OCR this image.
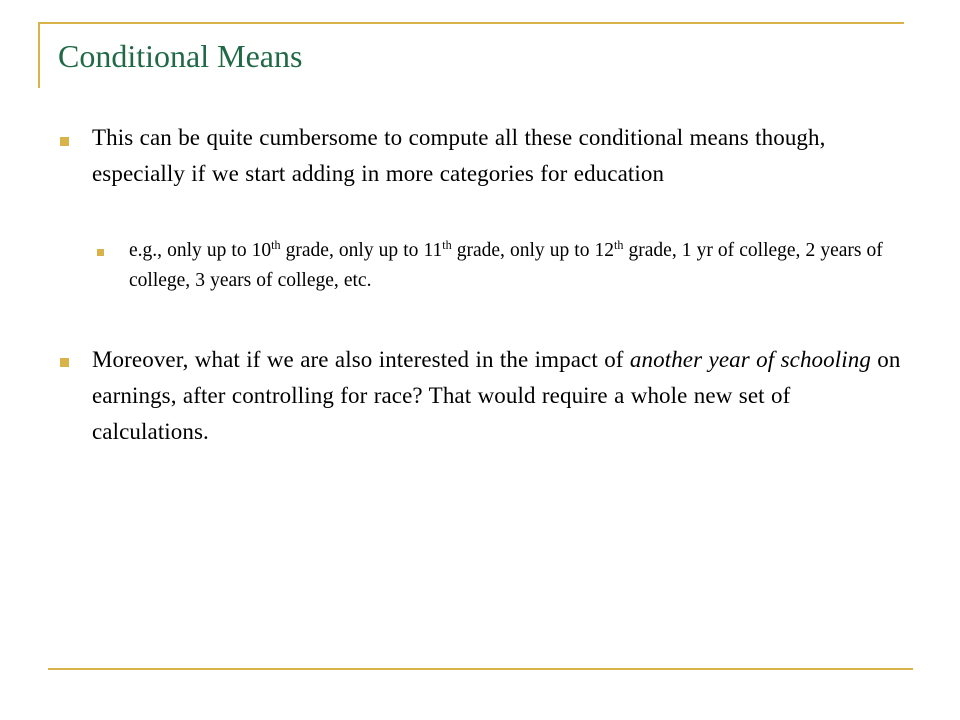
Conditional Means
This can be quite cumbersome to compute all these conditional means though, especially if we start adding in more categories for education
e.g., only up to 10th grade, only up to 11th grade, only up to 12th grade, 1 yr of college, 2 years of college, 3 years of college, etc.
Moreover, what if we are also interested in the impact of another year of schooling on earnings, after controlling for race? That would require a whole new set of calculations.
